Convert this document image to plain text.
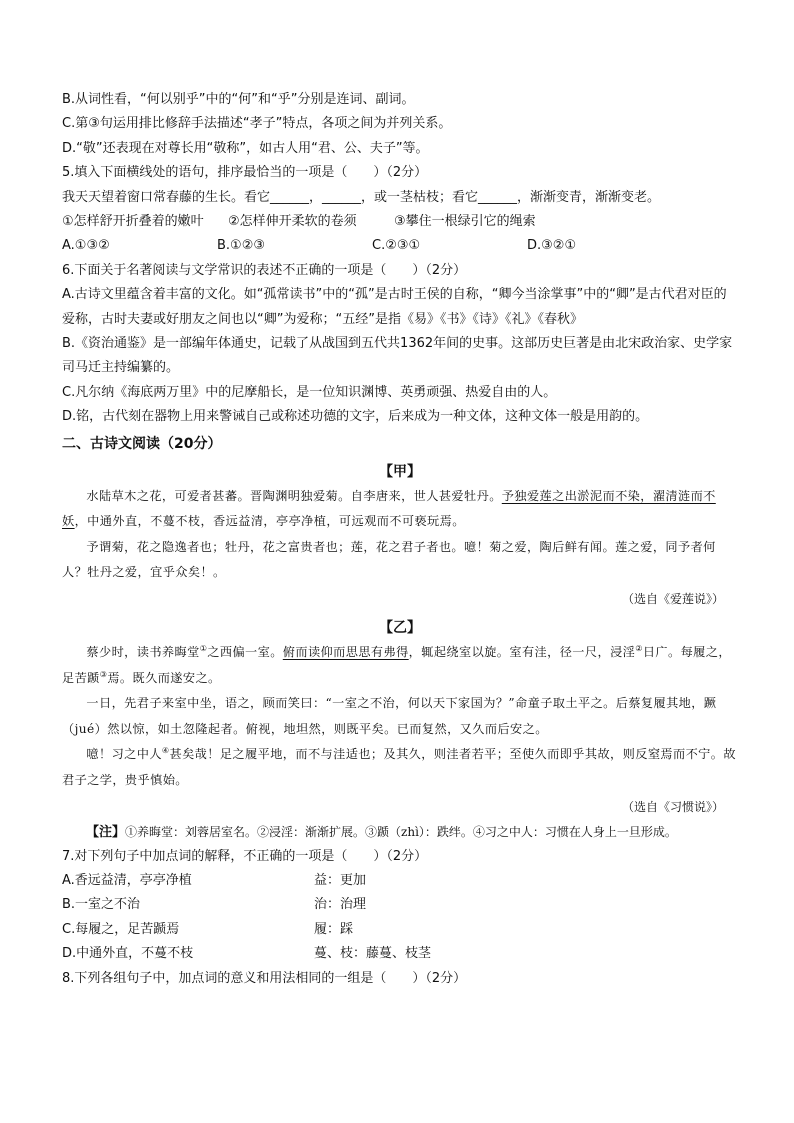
B.从词性看，“何以别乎”中的“何”和“乎”分别是连词、副词。
C.第③句运用排比修辞手法描述“孝子”特点，各项之间为并列关系。
D.“敬”还表现在对尊长用“敬称”，如古人用“君、公、夫子”等。
5.填入下面横线处的语句，排序最恰当的一项是（　　）（2分）
我天天望着窗口常春藤的生长。看它______，______，或一茎枯枝；看它______，渐渐变青，渐渐变老。
①怎样舒开折叠着的嫩叶 ②怎样伸开柔软的卷须	③攀住一根绿引它的绳索
A.①③②	B.①②③	C.②③①	D.③②①
6.下面关于名著阅读与文学常识的表述不正确的一项是（　　）（2分）
A.古诗文里蕴含着丰富的文化。如“孤常读书”中的“孤”是古时王侯的自称，“卿今当涂掌事”中的“卿”是古代君对臣的爱称，古时夫妻或好朋友之间也以“卿”为爱称；“五经”是指《易》《书》《诗》《礼》《春秋》
B.《资治通鉴》是一部编年体通史，记载了从战国到五代共1362年间的史事。这部历史巨著是由北宋政治家、史学家司马迁主持编纂的。
C.凡尔纳《海底两万里》中的尼摩船长，是一位知识渊博、英勇顽强、热爱自由的人。
D.铭，古代刻在器物上用来警诫自己或称述功德的文字，后来成为一种文体，这种文体一般是用韵的。
二、古诗文阅读（20分）
【甲】
水陆草木之花，可爱者甚蕃。晋陶渊明独爱菊。自李唐来，世人甚爱牡丹。予独爱莲之出淤泥而不染，濯清涟而不妖，中通外直，不蔓不枝，香远益清，亭亭净植，可远观而不可亵玩焉。
予谓菊，花之隐逸者也；牡丹，花之富贵者也；莲，花之君子者也。噫！菊之爱，陶后鲜有闻。莲之爱，同予者何人？牡丹之爱，宜乎众矣！。
（选自《爱莲说》）
【乙】
蔡少时，读书养晦堂①之西偏一室。俯而读仰而思思有弗得，辄起绕室以旋。室有洼，径一尺，浸淫②日广。每履之，足苦踬③焉。既久而遂安之。
一日，先君子来室中坐，语之，顾而笑曰：“一室之不治，何以天下家国为？”命童子取土平之。后蔡复履其地，蹶（jué）然以惊，如土忽隆起者。俯视，地坦然，则既平矣。已而复然，又久而后安之。
噫！习之中人④甚矣哉！足之履平地，而不与洼适也；及其久，则洼者若平；至使久而即乎其故，则反窒焉而不宁。故君子之学，贵乎慎始。
（选自《习惯说》）
【注】①养晦堂：刘蓉居室名。②浸淫：渐渐扩展。③踬（zhì）：跌绊。④习之中人：习惯在人身上一旦形成。
7.对下列句子中加点词的解释，不正确的一项是（　　）（2分）
A.香远益清，亭亭净植	益：更加
B.一室之不治	治：治理
C.每履之，足苦踬焉	履：踩
D.中通外直，不蔓不枝	蔓、枝：藤蔓、枝茎
8.下列各组句子中，加点词的意义和用法相同的一组是（　　）（2分）
